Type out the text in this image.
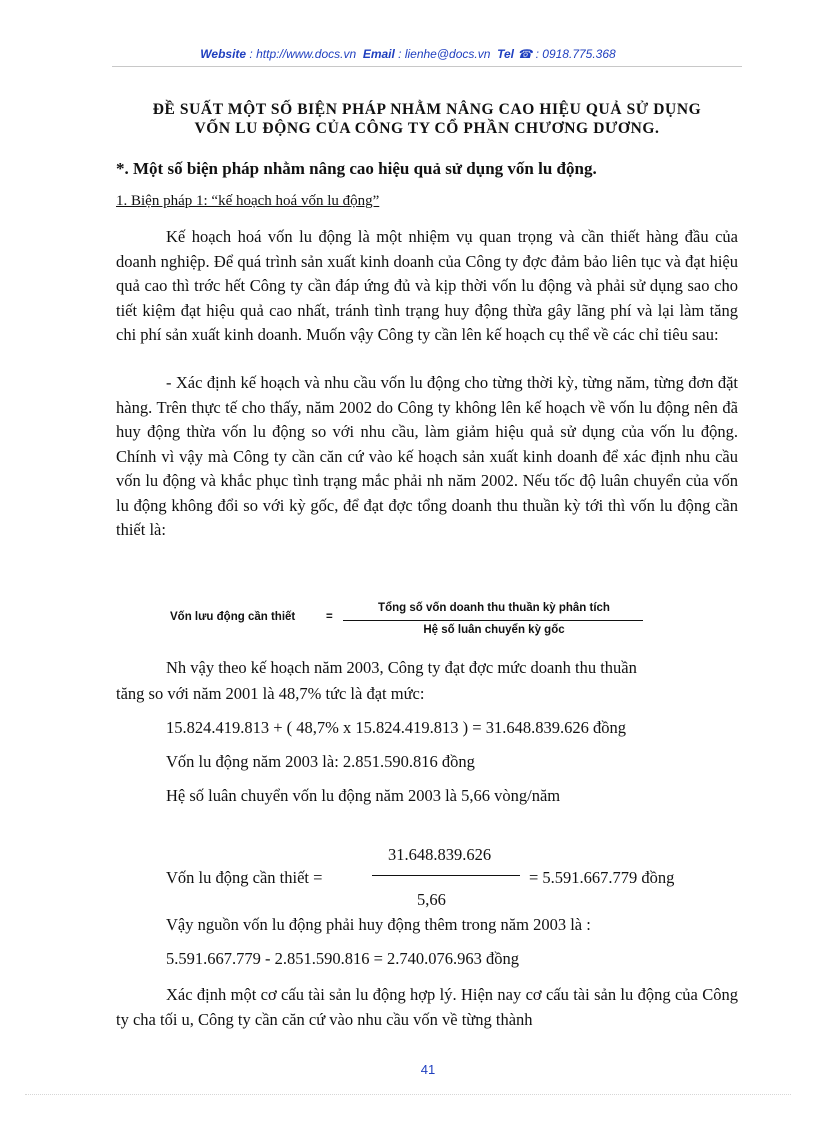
Website : http://www.docs.vn Email : lienhe@docs.vn Tel ☎ : 0918.775.368
ĐỀ SUẤT MỘT SỐ BIỆN PHÁP NHẰM NÂNG CAO HIỆU QUẢ SỬ DỤNG
VỐN LU ĐỘNG CỦA CÔNG TY CỔ PHẦN CHƯƠNG DƯƠNG.
*. Một số biện pháp nhằm nâng cao hiệu quả sử dụng vốn lu động.
1. Biện pháp 1: “kế hoạch hoá vốn lu động”

Kế hoạch hoá vốn lu động là một nhiệm vụ quan trọng và cần thiết hàng đầu của doanh nghiệp. Để quá trình sản xuất kinh doanh của Công ty đợc đảm bảo liên tục và đạt hiệu quả cao thì trớc hết Công ty cần đáp ứng đủ và kịp thời vốn lu động và phải sử dụng sao cho tiết kiệm đạt hiệu quả cao nhất, tránh tình trạng huy động thừa gây lãng phí và lại làm tăng chi phí sản xuất kinh doanh. Muốn vậy Công ty cần lên kế hoạch cụ thể về các chỉ tiêu sau:

- Xác định kế hoạch và nhu cầu vốn lu động cho từng thời kỳ, từng năm, từng đơn đặt hàng. Trên thực tế cho thấy, năm 2002 do Công ty không lên kế hoạch về vốn lu động nên đã huy động thừa vốn lu động so với nhu cầu, làm giảm hiệu quả sử dụng của vốn lu động. Chính vì vậy mà Công ty cần căn cứ vào kế hoạch sản xuất kinh doanh để xác định nhu cầu vốn lu động và khắc phục tình trạng mắc phải nh năm 2002. Nếu tốc độ luân chuyển của vốn lu động không đổi so với kỳ gốc, để đạt đợc tổng doanh thu thuần kỳ tới thì vốn lu động cần thiết là:

Vốn lưu động cần thiết	=
Tổng số vốn doanh thu thuần kỳ phân tích
Hệ số luân chuyển kỳ gốc
Nh vậy theo kế hoạch năm 2003, Công ty đạt đợc mức doanh thu thuần
tăng so với năm 2001 là 48,7% tức là đạt mức:
15.824.419.813 + ( 48,7% x 15.824.419.813 ) = 31.648.839.626 đồng
Vốn lu động năm 2003 là: 2.851.590.816 đồng
Hệ số luân chuyển vốn lu động năm 2003 là 5,66 vòng/năm
31.648.839.626
Vốn lu động cần thiết =	= 5.591.667.779 đồng
5,66
Vậy nguồn vốn lu động phải huy động thêm trong năm 2003 là :
5.591.667.779 - 2.851.590.816 = 2.740.076.963 đồng

Xác định một cơ cấu tài sản lu động hợp lý. Hiện nay cơ cấu tài sản lu động của Công ty cha tối u, Công ty cần căn cứ vào nhu cầu vốn về từng thành

41
